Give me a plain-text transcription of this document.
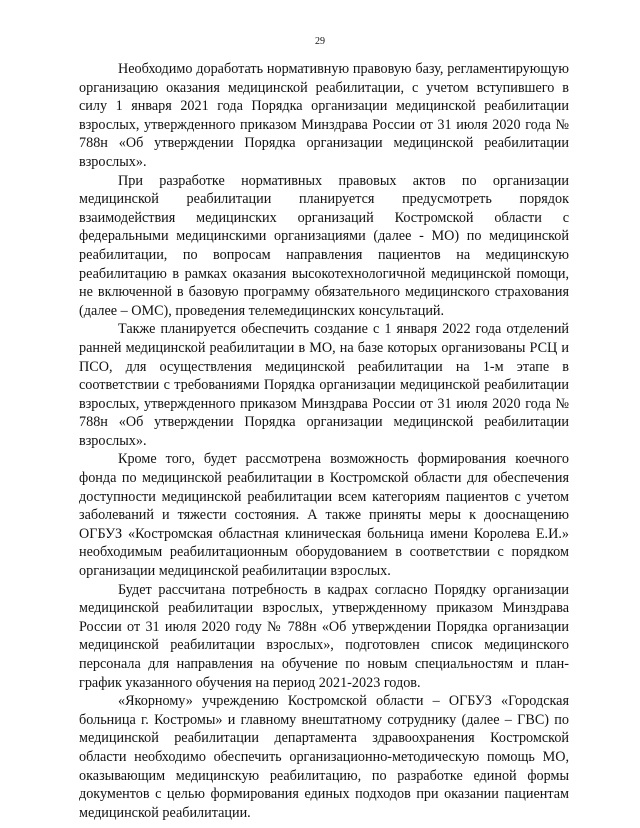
29

Необходимо доработать нормативную правовую базу, регламентирующую организацию оказания медицинской реабилитации, с учетом вступившего в силу 1 января 2021 года Порядка организации медицинской реабилитации взрослых, утвержденного приказом Минздрава России от 31 июля 2020 года № 788н «Об утверждении Порядка организации медицинской реабилитации взрослых».

При разработке нормативных правовых актов по организации медицинской реабилитации планируется предусмотреть порядок взаимодействия медицинских организаций Костромской области с федеральными медицинскими организациями (далее - МО) по медицинской реабилитации, по вопросам направления пациентов на медицинскую реабилитацию в рамках оказания высокотехнологичной медицинской помощи, не включенной в базовую программу обязательного медицинского страхования (далее – ОМС), проведения телемедицинских консультаций.

Также планируется обеспечить создание с 1 января 2022 года отделений ранней медицинской реабилитации в МО, на базе которых организованы РСЦ и ПСО, для осуществления медицинской реабилитации на 1-м этапе в соответствии с требованиями Порядка организации медицинской реабилитации взрослых, утвержденного приказом Минздрава России от 31 июля 2020 года № 788н «Об утверждении Порядка организации медицинской реабилитации взрослых».

Кроме того, будет рассмотрена возможность формирования коечного фонда по медицинской реабилитации в Костромской области для обеспечения доступности медицинской реабилитации всем категориям пациентов с учетом заболеваний и тяжести состояния. А также приняты меры к дооснащению ОГБУЗ «Костромская областная клиническая больница имени Королева Е.И.» необходимым реабилитационным оборудованием в соответствии с порядком организации медицинской реабилитации взрослых.

Будет рассчитана потребность в кадрах согласно Порядку организации медицинской реабилитации взрослых, утвержденному приказом Минздрава России от 31 июля 2020 году № 788н «Об утверждении Порядка организации медицинской реабилитации взрослых», подготовлен список медицинского персонала для направления на обучение по новым специальностям и план-график указанного обучения на период 2021-2023 годов.

«Якорному» учреждению Костромской области – ОГБУЗ «Городская больница г. Костромы» и главному внештатному сотруднику (далее – ГВС) по медицинской реабилитации департамента здравоохранения Костромской области необходимо обеспечить организационно-методическую помощь МО, оказывающим медицинскую реабилитацию, по разработке единой формы документов с целью формирования единых подходов при оказании пациентам медицинской реабилитации.
